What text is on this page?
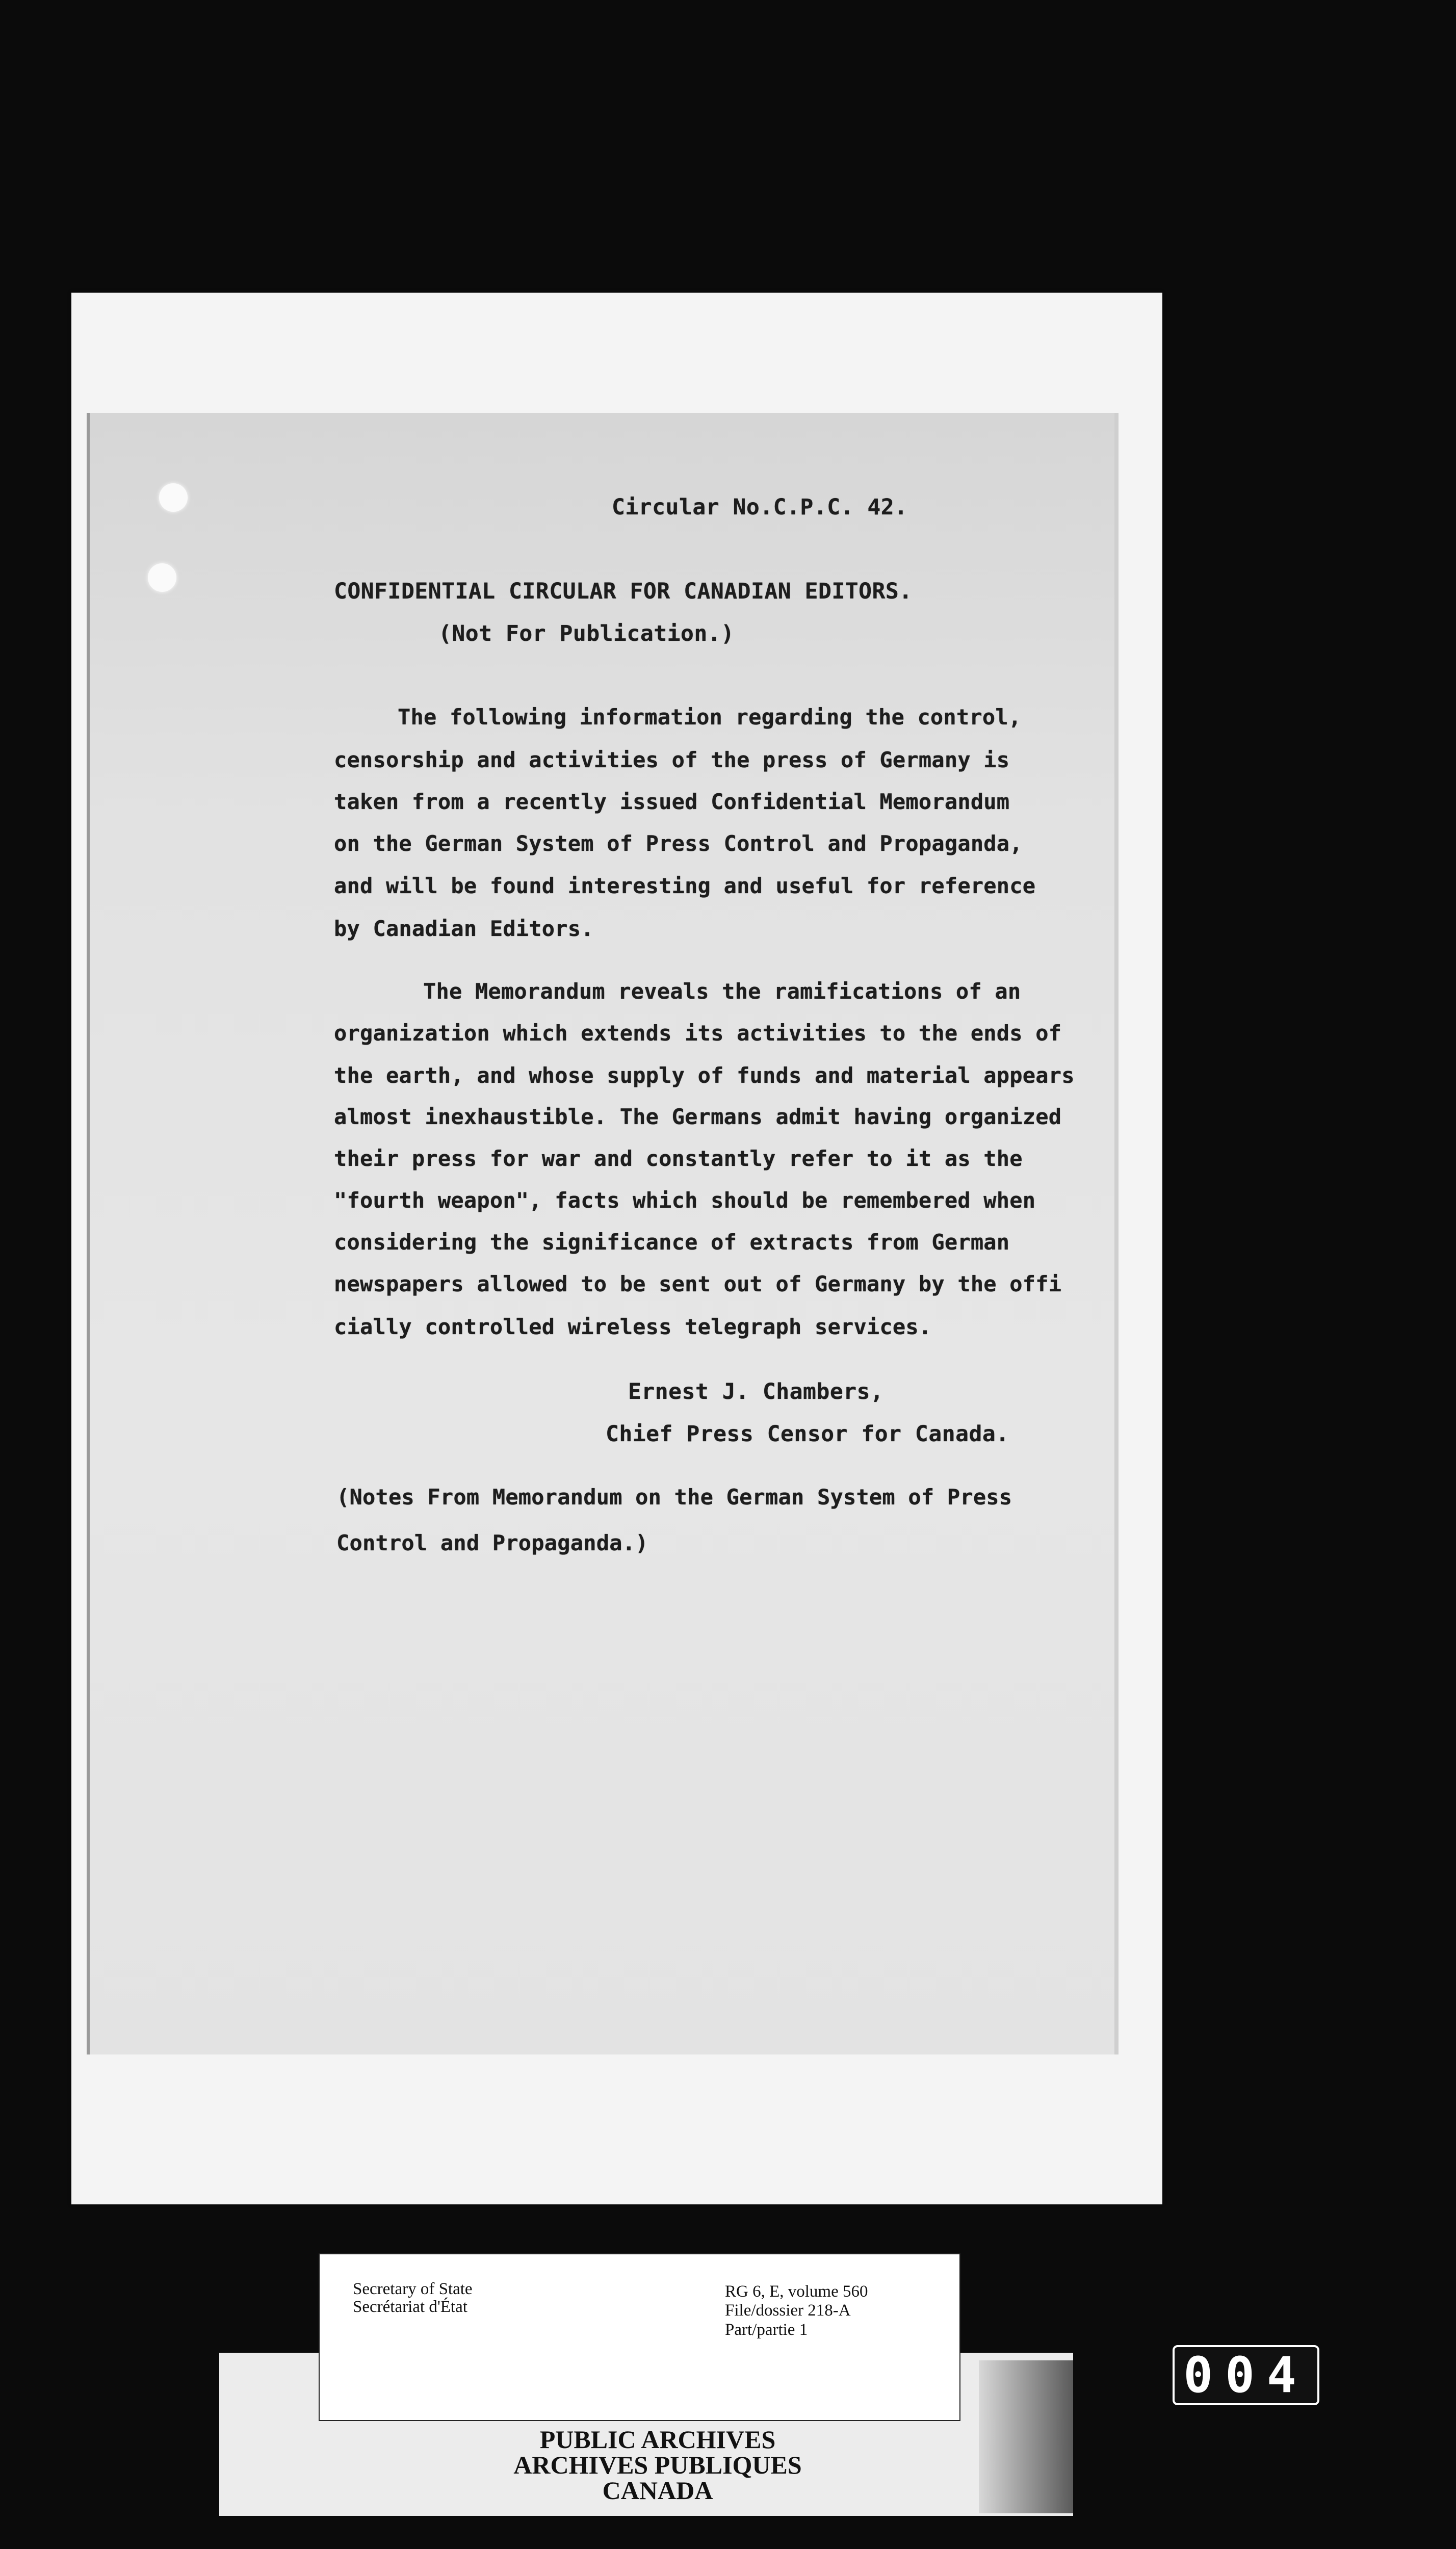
Circular No.C.P.C. 42.
CONFIDENTIAL CIRCULAR FOR CANADIAN EDITORS.
(Not For Publication.)
The following information regarding the control,
censorship and activities of the press of Germany is
taken from a recently issued Confidential Memorandum
on the German System of Press Control and Propaganda,
and will be found interesting and useful for reference
by Canadian Editors.
The Memorandum reveals the ramifications of an
organization which extends its activities to the ends of
the earth, and whose supply of funds and material appears
almost inexhaustible. The Germans admit having organized
their press for war and constantly refer to it as the
"fourth weapon", facts which should be remembered when
considering the significance of extracts from German
newspapers allowed to be sent out of Germany by the offi
cially controlled wireless telegraph services.
Ernest J. Chambers,
Chief Press Censor for Canada.
(Notes From Memorandum on the German System of Press
Control and Propaganda.)
Secretary of State
Secrétariat d'État
RG 6, E, volume 560
File/dossier 218-A
Part/partie 1
PUBLIC ARCHIVES
ARCHIVES PUBLIQUES
CANADA
004
